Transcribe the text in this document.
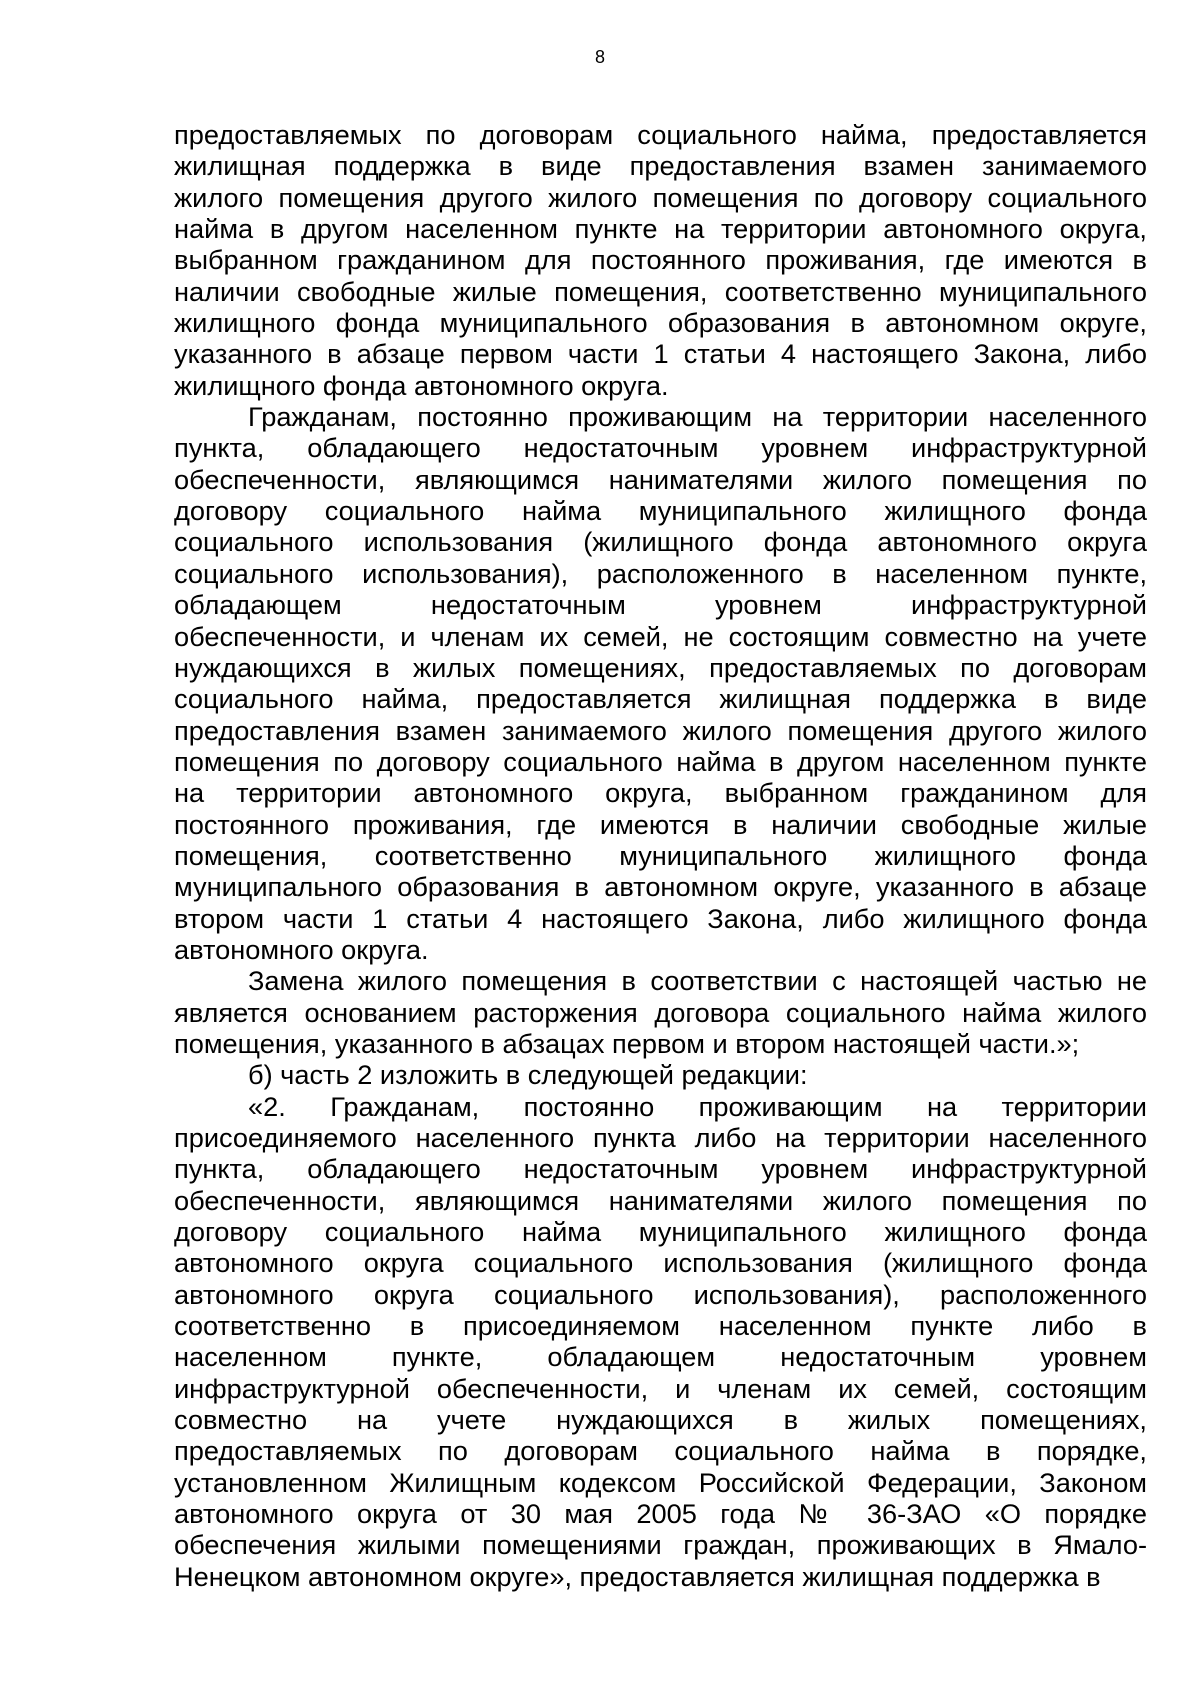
8
предоставляемых по договорам социального найма, предоставляется
жилищная поддержка в виде предоставления взамен занимаемого
жилого помещения другого жилого помещения по договору социального
найма в другом населенном пункте на территории автономного округа,
выбранном гражданином для постоянного проживания, где имеются в
наличии свободные жилые помещения, соответственно муниципального
жилищного фонда муниципального образования в автономном округе,
указанного в абзаце первом части 1 статьи 4 настоящего Закона, либо
жилищного фонда автономного округа.
Гражданам, постоянно проживающим на территории населенного
пункта, обладающего недостаточным уровнем инфраструктурной
обеспеченности, являющимся нанимателями жилого помещения по
договору социального найма муниципального жилищного фонда
социального использования (жилищного фонда автономного округа
социального использования), расположенного в населенном пункте,
обладающем недостаточным уровнем инфраструктурной
обеспеченности, и членам их семей, не состоящим совместно на учете
нуждающихся в жилых помещениях, предоставляемых по договорам
социального найма, предоставляется жилищная поддержка в виде
предоставления взамен занимаемого жилого помещения другого жилого
помещения по договору социального найма в другом населенном пункте
на территории автономного округа, выбранном гражданином для
постоянного проживания, где имеются в наличии свободные жилые
помещения, соответственно муниципального жилищного фонда
муниципального образования в автономном округе, указанного в абзаце
втором части 1 статьи 4 настоящего Закона, либо жилищного фонда
автономного округа.
Замена жилого помещения в соответствии с настоящей частью не
является основанием расторжения договора социального найма жилого
помещения, указанного в абзацах первом и втором настоящей части.»;
б) часть 2 изложить в следующей редакции:
«2. Гражданам, постоянно проживающим на территории
присоединяемого населенного пункта либо на территории населенного
пункта, обладающего недостаточным уровнем инфраструктурной
обеспеченности, являющимся нанимателями жилого помещения по
договору социального найма муниципального жилищного фонда
автономного округа социального использования (жилищного фонда
автономного округа социального использования), расположенного
соответственно в присоединяемом населенном пункте либо в
населенном пункте, обладающем недостаточным уровнем
инфраструктурной обеспеченности, и членам их семей, состоящим
совместно на учете нуждающихся в жилых помещениях,
предоставляемых по договорам социального найма в порядке,
установленном Жилищным кодексом Российской Федерации, Законом
автономного округа от 30 мая 2005 года № 36-ЗАО «О порядке
обеспечения жилыми помещениями граждан, проживающих в Ямало-
Ненецком автономном округе», предоставляется жилищная поддержка в
